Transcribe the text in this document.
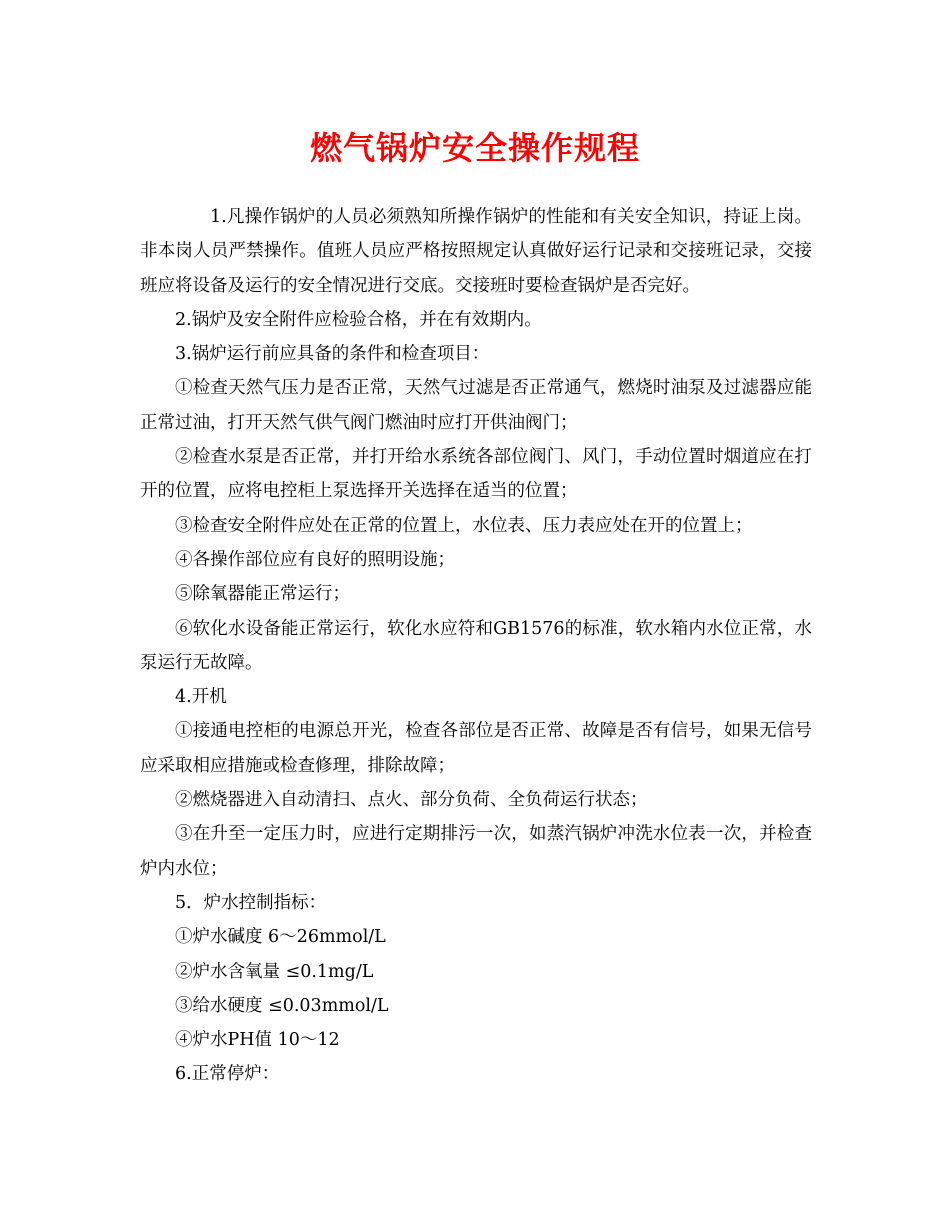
燃气锅炉安全操作规程

1.凡操作锅炉的人员必须熟知所操作锅炉的性能和有关安全知识，持证上岗。非本岗人员严禁操作。值班人员应严格按照规定认真做好运行记录和交接班记录，交接班应将设备及运行的安全情况进行交底。交接班时要检查锅炉是否完好。

2.锅炉及安全附件应检验合格，并在有效期内。

3.锅炉运行前应具备的条件和检查项目：

①检查天然气压力是否正常，天然气过滤是否正常通气，燃烧时油泵及过滤器应能正常过油，打开天然气供气阀门燃油时应打开供油阀门；

②检查水泵是否正常，并打开给水系统各部位阀门、风门，手动位置时烟道应在打开的位置，应将电控柜上泵选择开关选择在适当的位置；

③检查安全附件应处在正常的位置上，水位表、压力表应处在开的位置上；

④各操作部位应有良好的照明设施；

⑤除氧器能正常运行；

⑥软化水设备能正常运行，软化水应符和GB1576的标准，软水箱内水位正常，水泵运行无故障。

4.开机

①接通电控柜的电源总开光，检查各部位是否正常、故障是否有信号，如果无信号应采取相应措施或检查修理，排除故障；

②燃烧器进入自动清扫、点火、部分负荷、全负荷运行状态；

③在升至一定压力时，应进行定期排污一次，如蒸汽锅炉冲洗水位表一次，并检查炉内水位；

5．炉水控制指标：

①炉水碱度 6～26mmol/L

②炉水含氧量 ≤0.1mg/L

③给水硬度 ≤0.03mmol/L

④炉水PH值 10～12

6.正常停炉：
